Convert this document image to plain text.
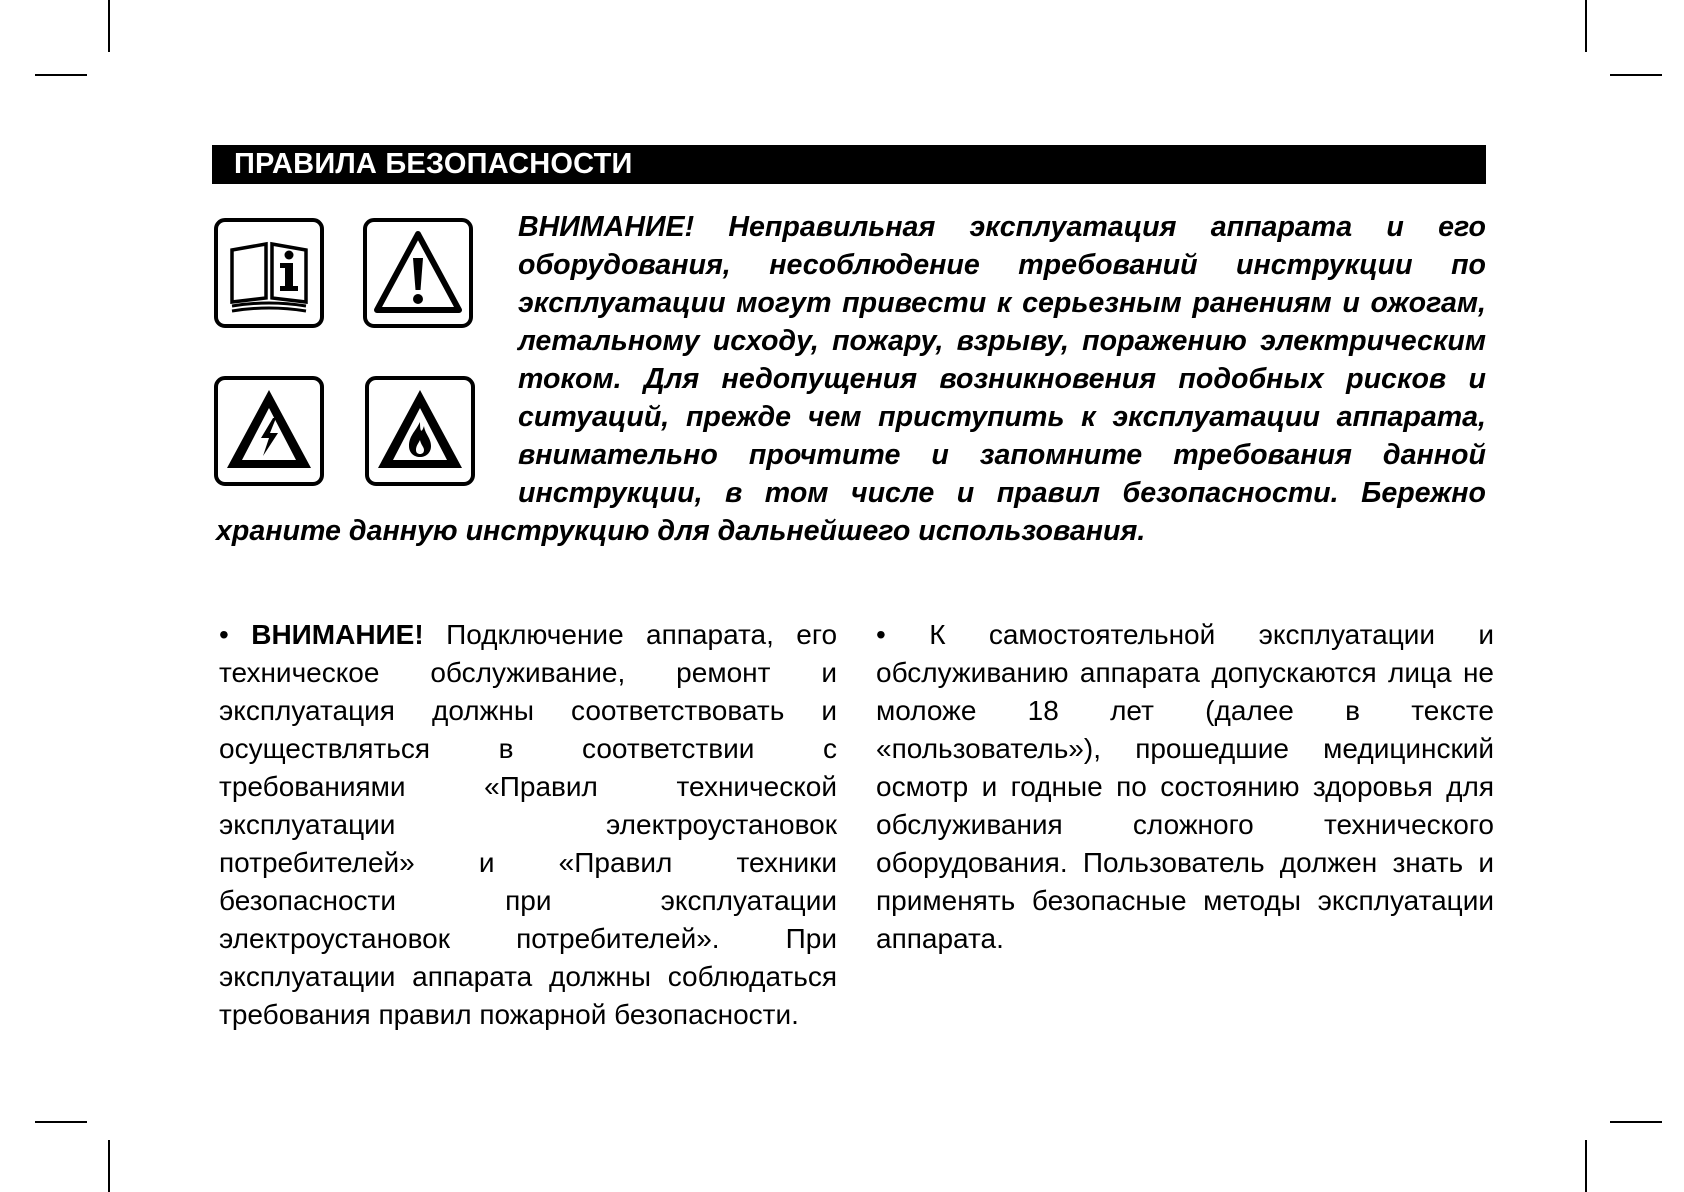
ПРАВИЛА БЕЗОПАСНОСТИ
ВНИМАНИЕ! Неправильная эксплуатация аппарата и его оборудования, несоблюдение требований инструкции по эксплуатации могут привести к серьезным ранениям и ожогам, летальному исходу, пожару, взрыву, поражению электрическим током. Для недопущения возникновения подобных рисков и ситуаций, прежде чем приступить к эксплуатации аппарата, внимательно прочтите и запомните требования данной инструкции, в том числе и правил безопасности. Бережно храните данную инструкцию для дальнейшего использования.
• ВНИМАНИЕ! Подключение аппарата, его техническое обслуживание, ремонт и эксплуатация должны соответствовать и осуществляться в соответствии с требованиями «Правил технической эксплуатации электроустановок потребителей» и «Правил техники безопасности при эксплуатации электроустановок потребителей». При эксплуатации аппарата должны соблюдаться требования правил пожарной безопасности.
• К самостоятельной эксплуатации и обслуживанию аппарата допускаются лица не моложе 18 лет (далее в тексте «пользователь»), прошедшие медицинский осмотр и годные по состоянию здоровья для обслуживания сложного технического оборудования. Пользователь должен знать и применять безопасные методы эксплуатации аппарата.
